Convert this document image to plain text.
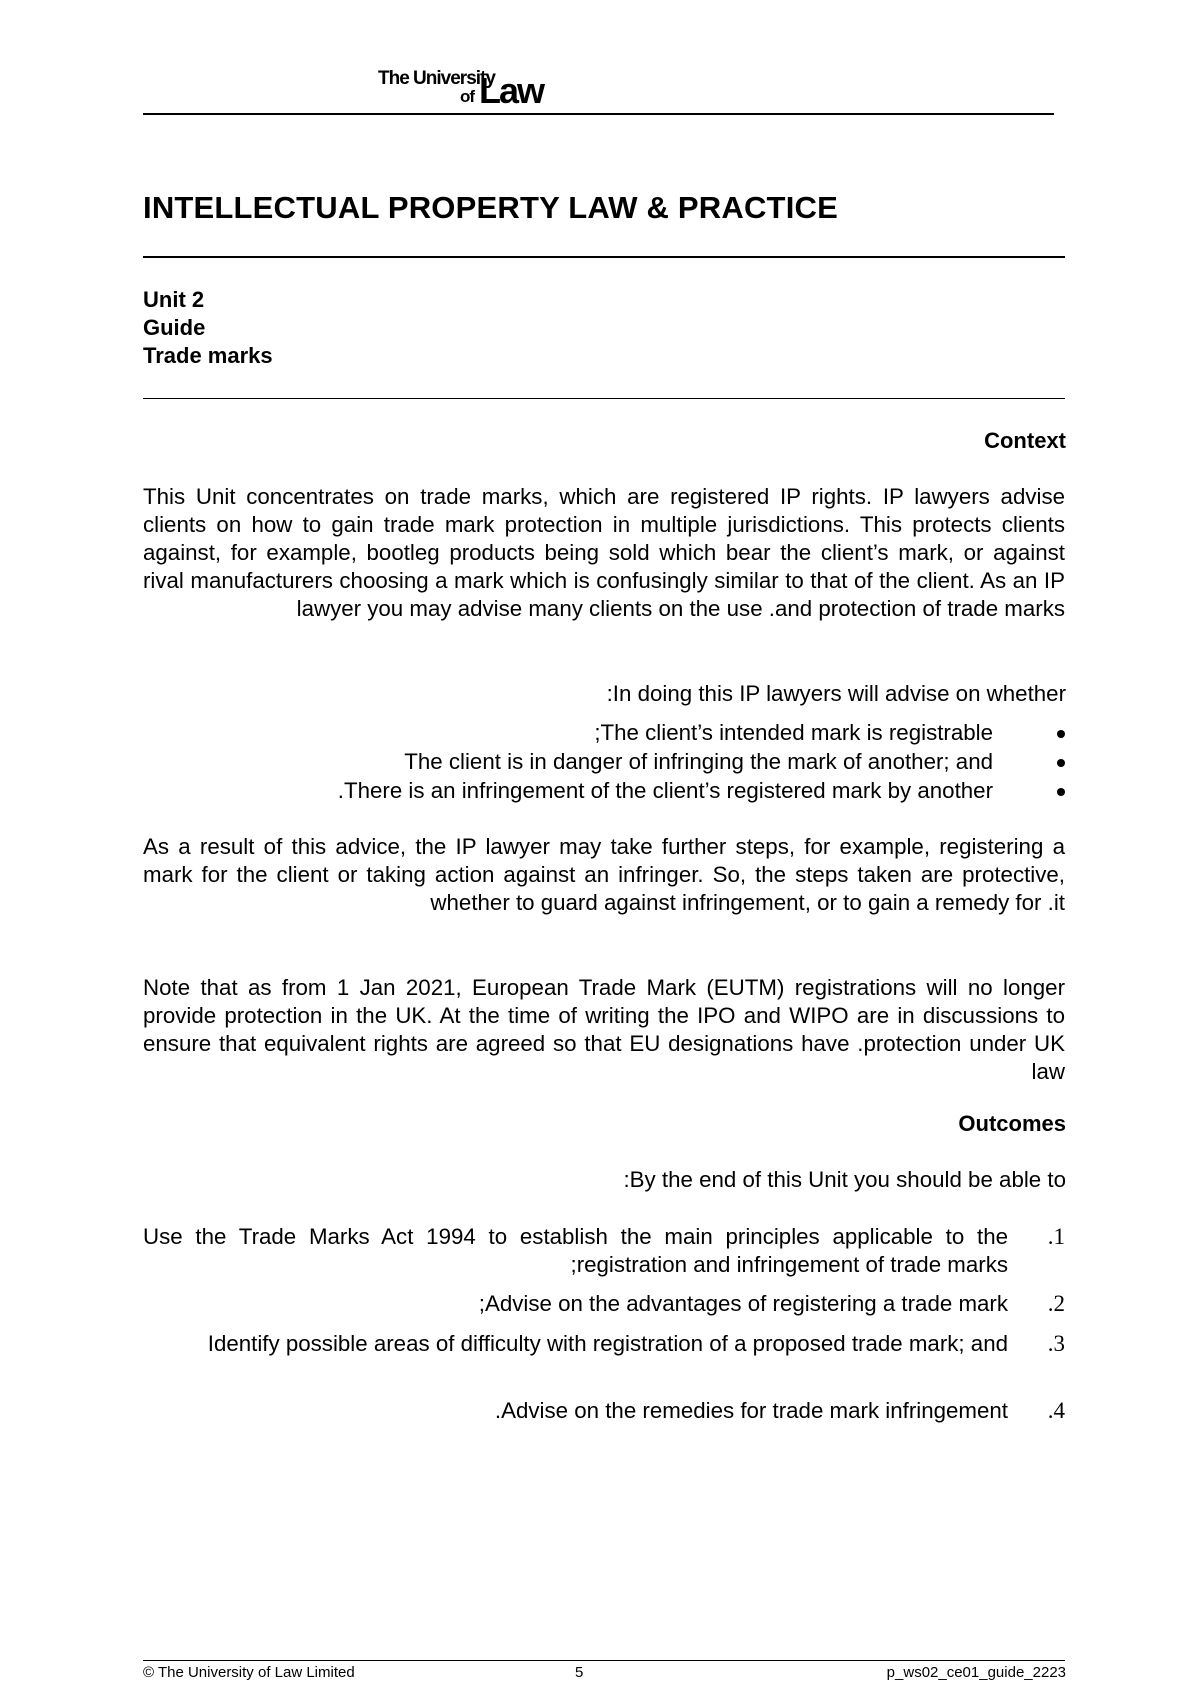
The University
of Law
INTELLECTUAL PROPERTY LAW & PRACTICE
Unit 2
Guide
Trade marks
Context
This Unit concentrates on trade marks, which are registered IP rights. IP lawyers advise clients on how to gain trade mark protection in multiple jurisdictions. This protects clients against, for example, bootleg products being sold which bear the client’s mark, or against rival manufacturers choosing a mark which is confusingly similar to that of the client. As an IP lawyer you may advise many clients on the use .and protection of trade marks
:In doing this IP lawyers will advise on whether
;The client’s intended mark is registrable
The client is in danger of infringing the mark of another; and
.There is an infringement of the client’s registered mark by another
As a result of this advice, the IP lawyer may take further steps, for example, registering a mark for the client or taking action against an infringer. So, the steps taken are protective, whether to guard against infringement, or to gain a remedy for .it
Note that as from 1 Jan 2021, European Trade Mark (EUTM) registrations will no longer provide protection in the UK. At the time of writing the IPO and WIPO are in discussions to ensure that equivalent rights are agreed so that EU designations have .protection under UK law
Outcomes
:By the end of this Unit you should be able to
Use the Trade Marks Act 1994 to establish the main principles applicable to the ;registration and infringement of trade marks
.1
;Advise on the advantages of registering a trade mark .2
Identify possible areas of difficulty with registration of a proposed trade mark; and .3
.Advise on the remedies for trade mark infringement .4
© The University of Law Limited	5	p_ws02_ce01_guide_2223
